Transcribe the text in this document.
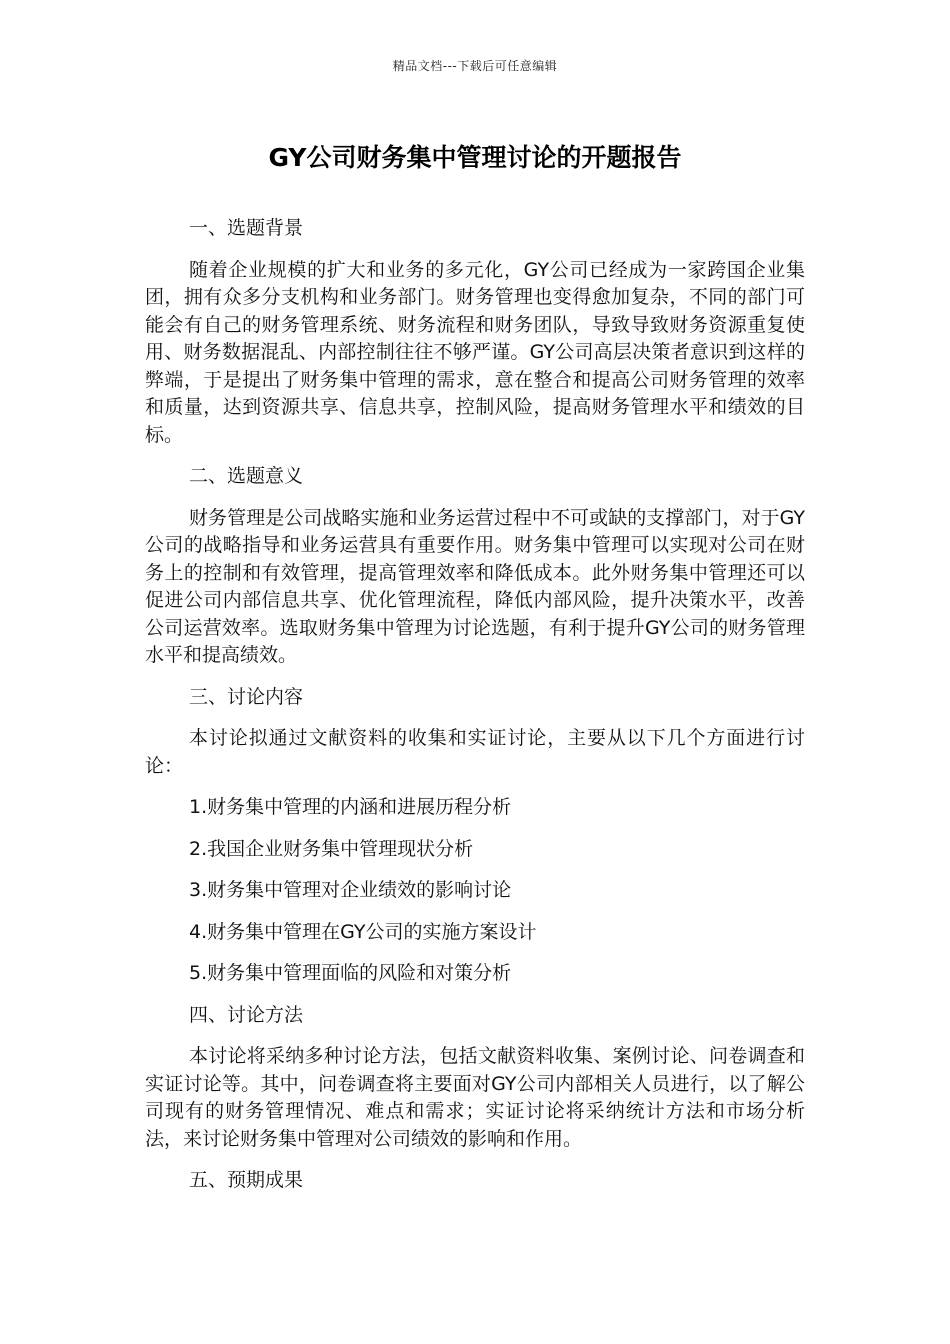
精品文档---下载后可任意编辑
GY公司财务集中管理讨论的开题报告

一、选题背景

随着企业规模的扩大和业务的多元化，GY公司已经成为一家跨国企业集团，拥有众多分支机构和业务部门。财务管理也变得愈加复杂，不同的部门可能会有自己的财务管理系统、财务流程和财务团队，导致导致财务资源重复使用、财务数据混乱、内部控制往往不够严谨。GY公司高层决策者意识到这样的弊端，于是提出了财务集中管理的需求，意在整合和提高公司财务管理的效率和质量，达到资源共享、信息共享，控制风险，提高财务管理水平和绩效的目标。

二、选题意义

财务管理是公司战略实施和业务运营过程中不可或缺的支撑部门，对于GY公司的战略指导和业务运营具有重要作用。财务集中管理可以实现对公司在财务上的控制和有效管理，提高管理效率和降低成本。此外财务集中管理还可以促进公司内部信息共享、优化管理流程，降低内部风险，提升决策水平，改善公司运营效率。选取财务集中管理为讨论选题，有利于提升GY公司的财务管理水平和提高绩效。

三、讨论内容

本讨论拟通过文献资料的收集和实证讨论，主要从以下几个方面进行讨论：

1.财务集中管理的内涵和进展历程分析

2.我国企业财务集中管理现状分析

3.财务集中管理对企业绩效的影响讨论

4.财务集中管理在GY公司的实施方案设计

5.财务集中管理面临的风险和对策分析

四、讨论方法

本讨论将采纳多种讨论方法，包括文献资料收集、案例讨论、问卷调查和实证讨论等。其中，问卷调查将主要面对GY公司内部相关人员进行，以了解公司现有的财务管理情况、难点和需求；实证讨论将采纳统计方法和市场分析法，来讨论财务集中管理对公司绩效的影响和作用。

五、预期成果
